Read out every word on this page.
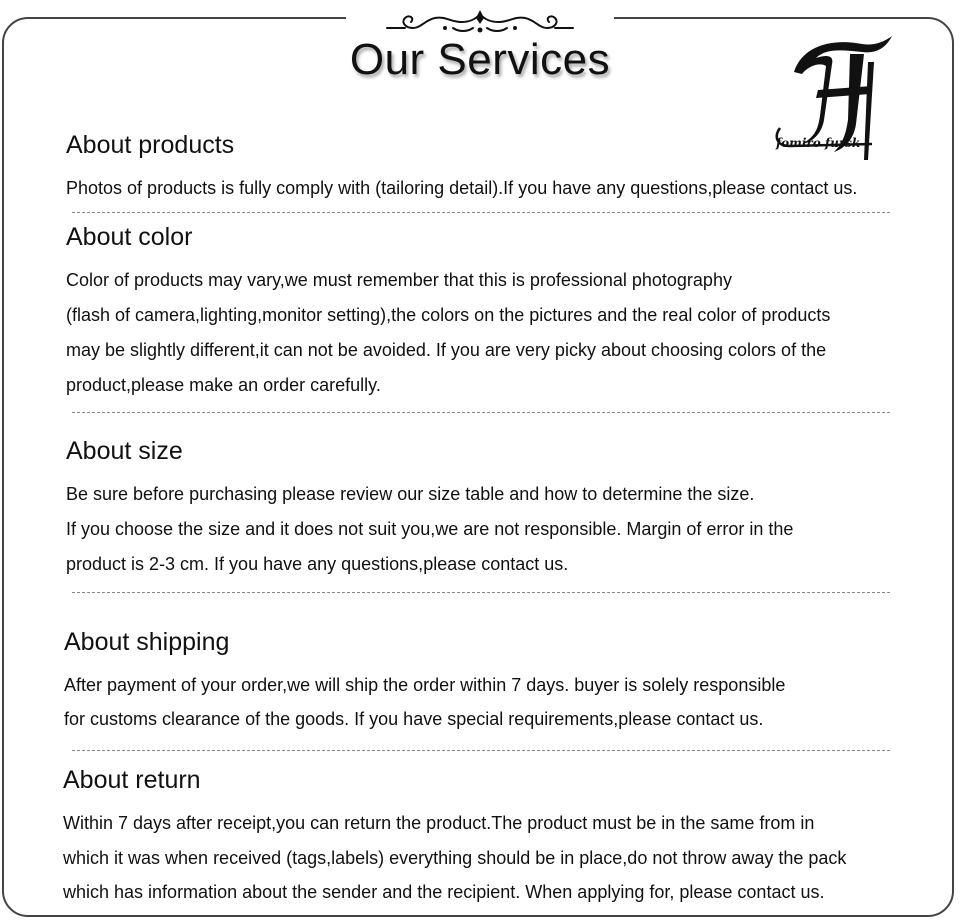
Our Services
fomiro fursk
About products
Photos of products is fully comply with (tailoring detail).If you have any questions,please contact us.
About color
Color of products may vary,we must remember that this is professional photography
(flash of camera,lighting,monitor setting),the colors on the pictures and the real color of products
may be slightly different,it can not be avoided. If you are very picky about choosing colors of the
product,please make an order carefully.
About size
Be sure before purchasing please review our size table and how to determine the size.
If you choose the size and it does not suit you,we are not responsible. Margin of error in the
product is 2-3 cm. If you have any questions,please contact us.
About shipping
After payment of your order,we will ship the order within 7 days. buyer is solely responsible
for customs clearance of the goods. If you have special requirements,please contact us.
About return
Within 7 days after receipt,you can return the product.The product must be in the same from in
which it was when received (tags,labels) everything should be in place,do not throw away the pack
which has information about the sender and the recipient. When applying for, please contact us.
